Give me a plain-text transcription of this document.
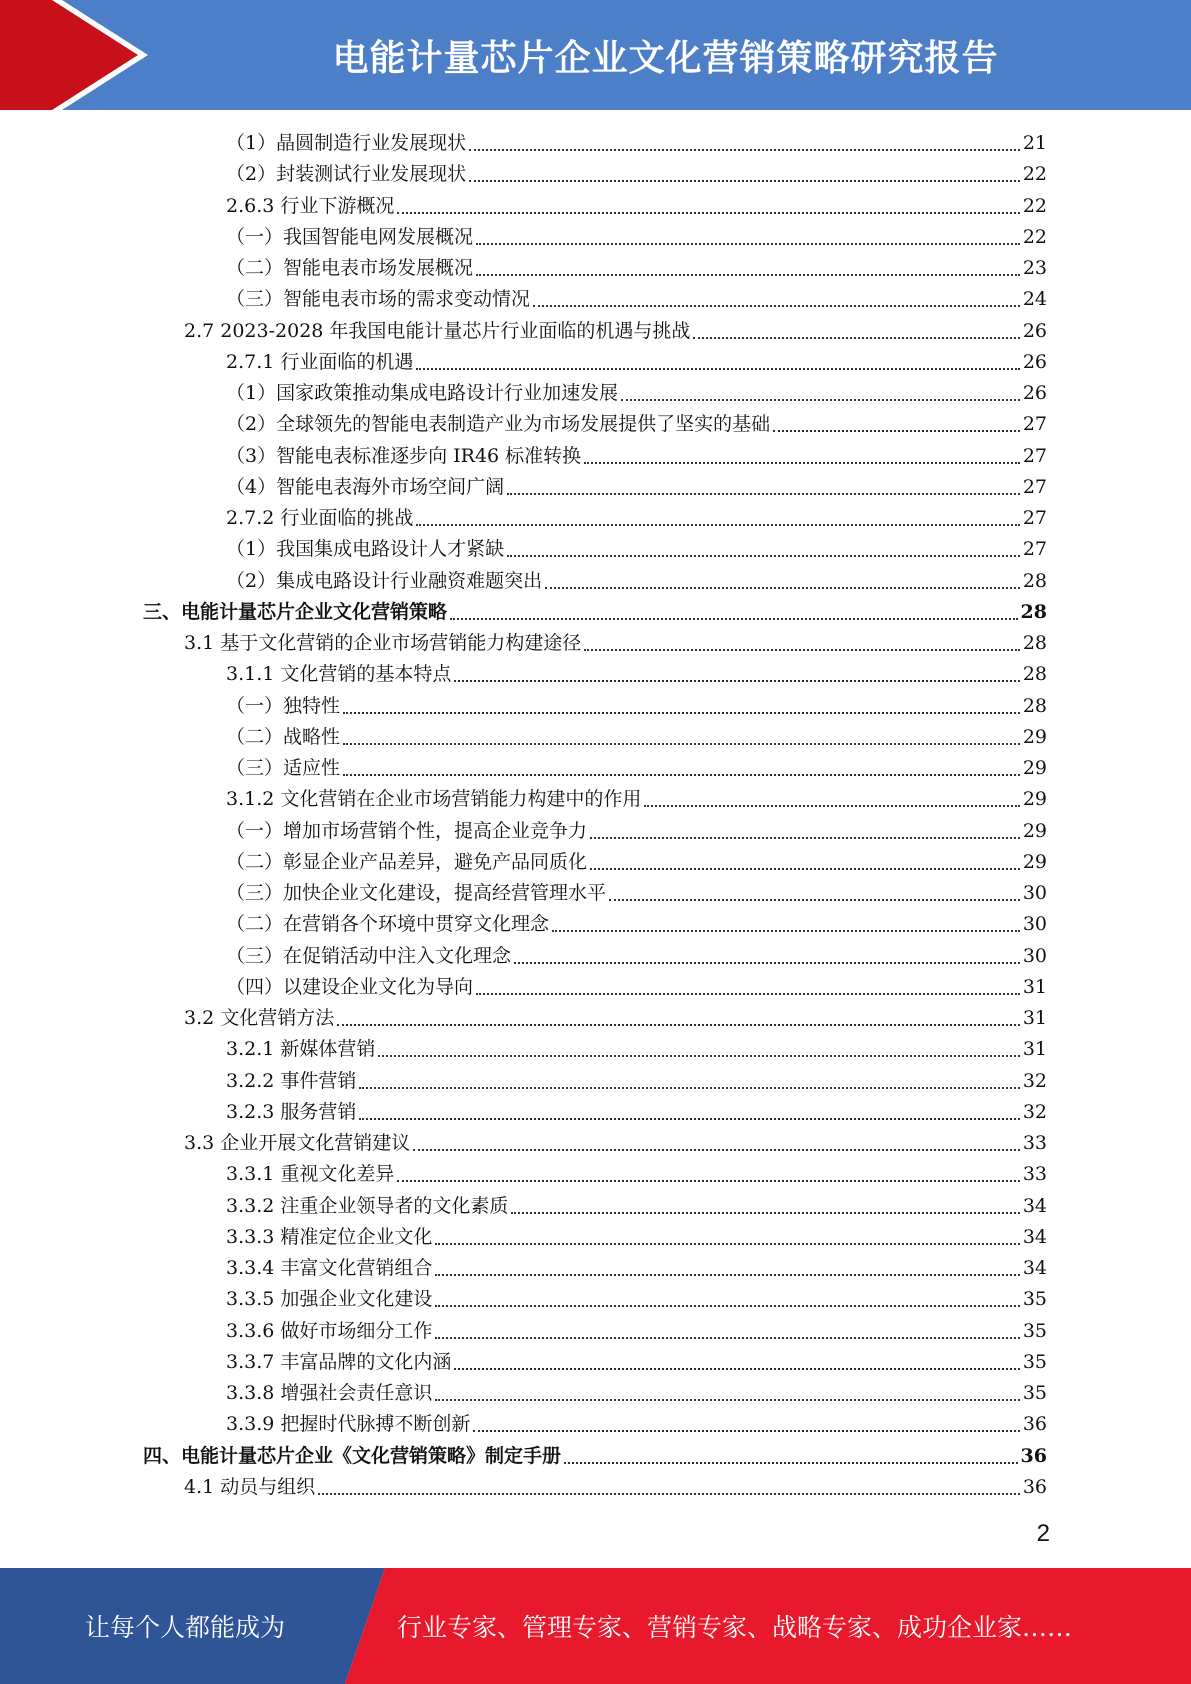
电能计量芯片企业文化营销策略研究报告
（1）晶圆制造行业发展现状	21
（2）封装测试行业发展现状	22
2.6.3 行业下游概况	22
（一）我国智能电网发展概况	22
（二）智能电表市场发展概况	23
（三）智能电表市场的需求变动情况	24
2.7 2023-2028 年我国电能计量芯片行业面临的机遇与挑战	26
2.7.1 行业面临的机遇	26
（1）国家政策推动集成电路设计行业加速发展	26
（2）全球领先的智能电表制造产业为市场发展提供了坚实的基础	27
（3）智能电表标准逐步向 IR46 标准转换	27
（4）智能电表海外市场空间广阔	27
2.7.2 行业面临的挑战	27
（1）我国集成电路设计人才紧缺	27
（2）集成电路设计行业融资难题突出	28
三、电能计量芯片企业文化营销策略	28
3.1 基于文化营销的企业市场营销能力构建途径	28
3.1.1 文化营销的基本特点	28
（一）独特性	28
（二）战略性	29
（三）适应性	29
3.1.2 文化营销在企业市场营销能力构建中的作用	29
（一）增加市场营销个性，提高企业竞争力	29
（二）彰显企业产品差异，避免产品同质化	29
（三）加快企业文化建设，提高经营管理水平	30
（二）在营销各个环境中贯穿文化理念	30
（三）在促销活动中注入文化理念	30
（四）以建设企业文化为导向	31
3.2 文化营销方法	31
3.2.1 新媒体营销	31
3.2.2 事件营销	32
3.2.3 服务营销	32
3.3 企业开展文化营销建议	33
3.3.1 重视文化差异	33
3.3.2 注重企业领导者的文化素质	34
3.3.3 精准定位企业文化	34
3.3.4 丰富文化营销组合	34
3.3.5 加强企业文化建设	35
3.3.6 做好市场细分工作	35
3.3.7 丰富品牌的文化内涵	35
3.3.8 增强社会责任意识	35
3.3.9 把握时代脉搏不断创新	36
四、电能计量芯片企业《文化营销策略》制定手册	36
4.1 动员与组织	36
2
让每个人都能成为	行业专家、管理专家、营销专家、战略专家、成功企业家……
